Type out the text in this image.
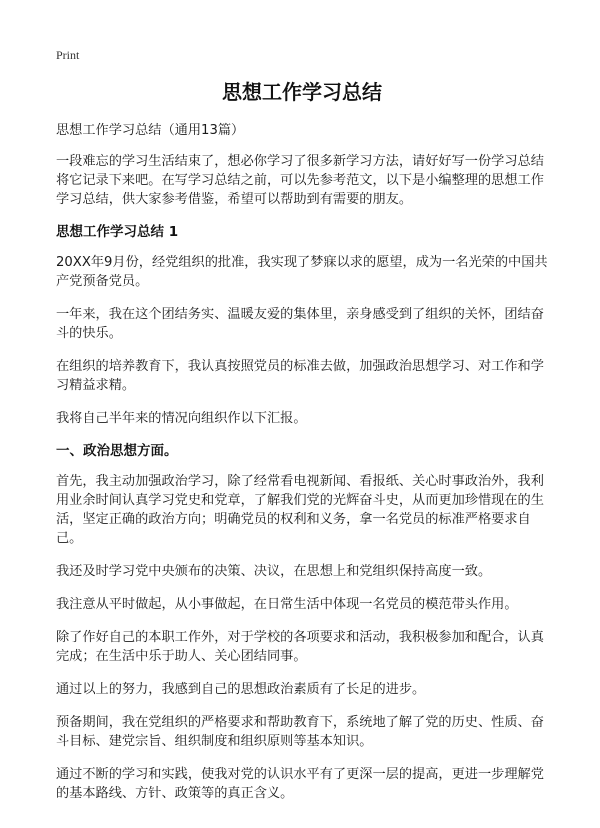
Print
思想工作学习总结

思想工作学习总结（通用13篇）

一段难忘的学习生活结束了，想必你学习了很多新学习方法，请好好写一份学习总结将它记录下来吧。在写学习总结之前，可以先参考范文，以下是小编整理的思想工作学习总结，供大家参考借鉴，希望可以帮助到有需要的朋友。

思想工作学习总结 1

20XX年9月份，经党组织的批准，我实现了梦寐以求的愿望，成为一名光荣的中国共产党预备党员。

一年来，我在这个团结务实、温暖友爱的集体里，亲身感受到了组织的关怀，团结奋斗的快乐。

在组织的培养教育下，我认真按照党员的标准去做，加强政治思想学习、对工作和学习精益求精。

我将自己半年来的情况向组织作以下汇报。

一、政治思想方面。

首先，我主动加强政治学习，除了经常看电视新闻、看报纸、关心时事政治外，我利用业余时间认真学习党史和党章，了解我们党的光辉奋斗史，从而更加珍惜现在的生活，坚定正确的政治方向；明确党员的权利和义务，拿一名党员的标准严格要求自己。

我还及时学习党中央颁布的决策、决议，在思想上和党组织保持高度一致。

我注意从平时做起，从小事做起，在日常生活中体现一名党员的模范带头作用。

除了作好自己的本职工作外，对于学校的各项要求和活动，我积极参加和配合，认真完成；在生活中乐于助人、关心团结同事。

通过以上的努力，我感到自己的思想政治素质有了长足的进步。

预备期间，我在党组织的严格要求和帮助教育下，系统地了解了党的历史、性质、奋斗目标、建党宗旨、组织制度和组织原则等基本知识。

通过不断的学习和实践，使我对党的认识水平有了更深一层的提高，更进一步理解党的基本路线、方针、政策等的真正含义。
